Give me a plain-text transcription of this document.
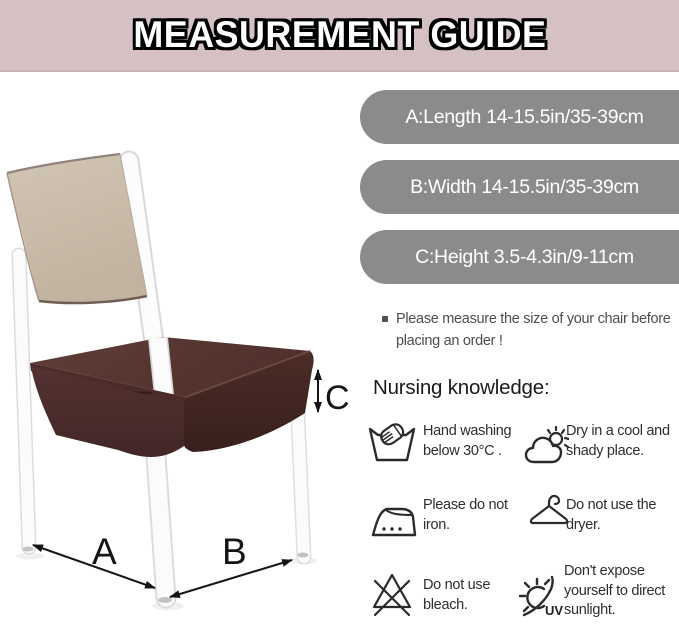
MEASUREMENT GUIDE
A	B
C
A:Length 14-15.5in/35-39cm
B:Width 14-15.5in/35-39cm
C:Height 3.5-4.3in/9-11cm
Please measure the size of your chair before
placing an order !
Nursing knowledge:
Hand washing
below 30°C .
Dry in a cool and
shady place.
Please do not
iron.
Do not use the
dryer.
Do not use
bleach.	UV
Don't expose
yourself to direct
sunlight.
